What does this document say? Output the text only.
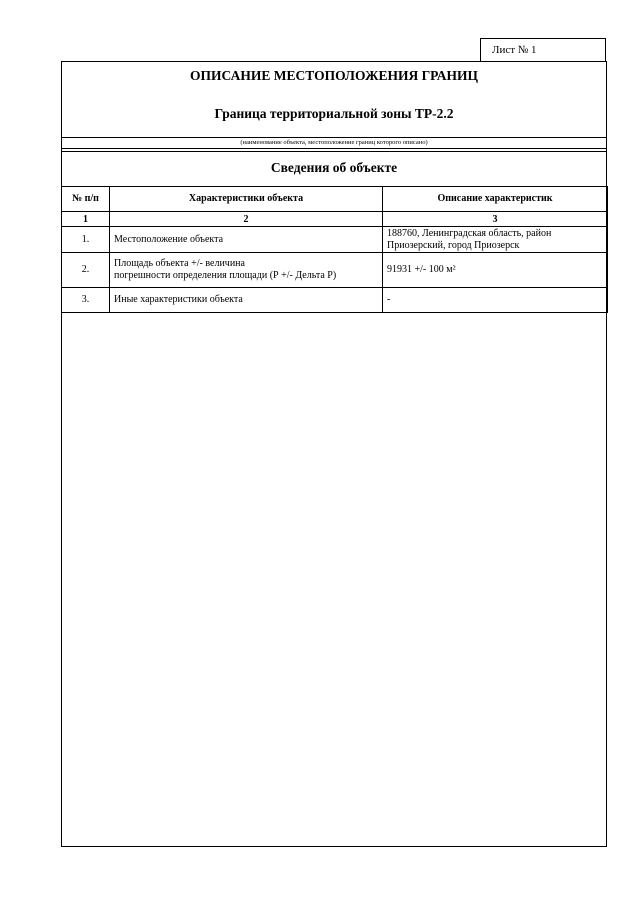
Лист № 1
ОПИСАНИЕ МЕСТОПОЛОЖЕНИЯ ГРАНИЦ
Граница территориальной зоны ТР-2.2
(наименование объекта, местоположение границ которого описано)
Сведения об объекте
№ п/п	Характеристики объекта	Описание характеристик
1	2	3
1.	Местоположение объекта	188760, Ленинградская область, район
Приозерский, город Приозерск

2.	Площадь объекта +/- величина
погрешности определения площади (Р +/- Дельта Р)	91931 +/- 100 м²
3.	Иные характеристики объекта	-
